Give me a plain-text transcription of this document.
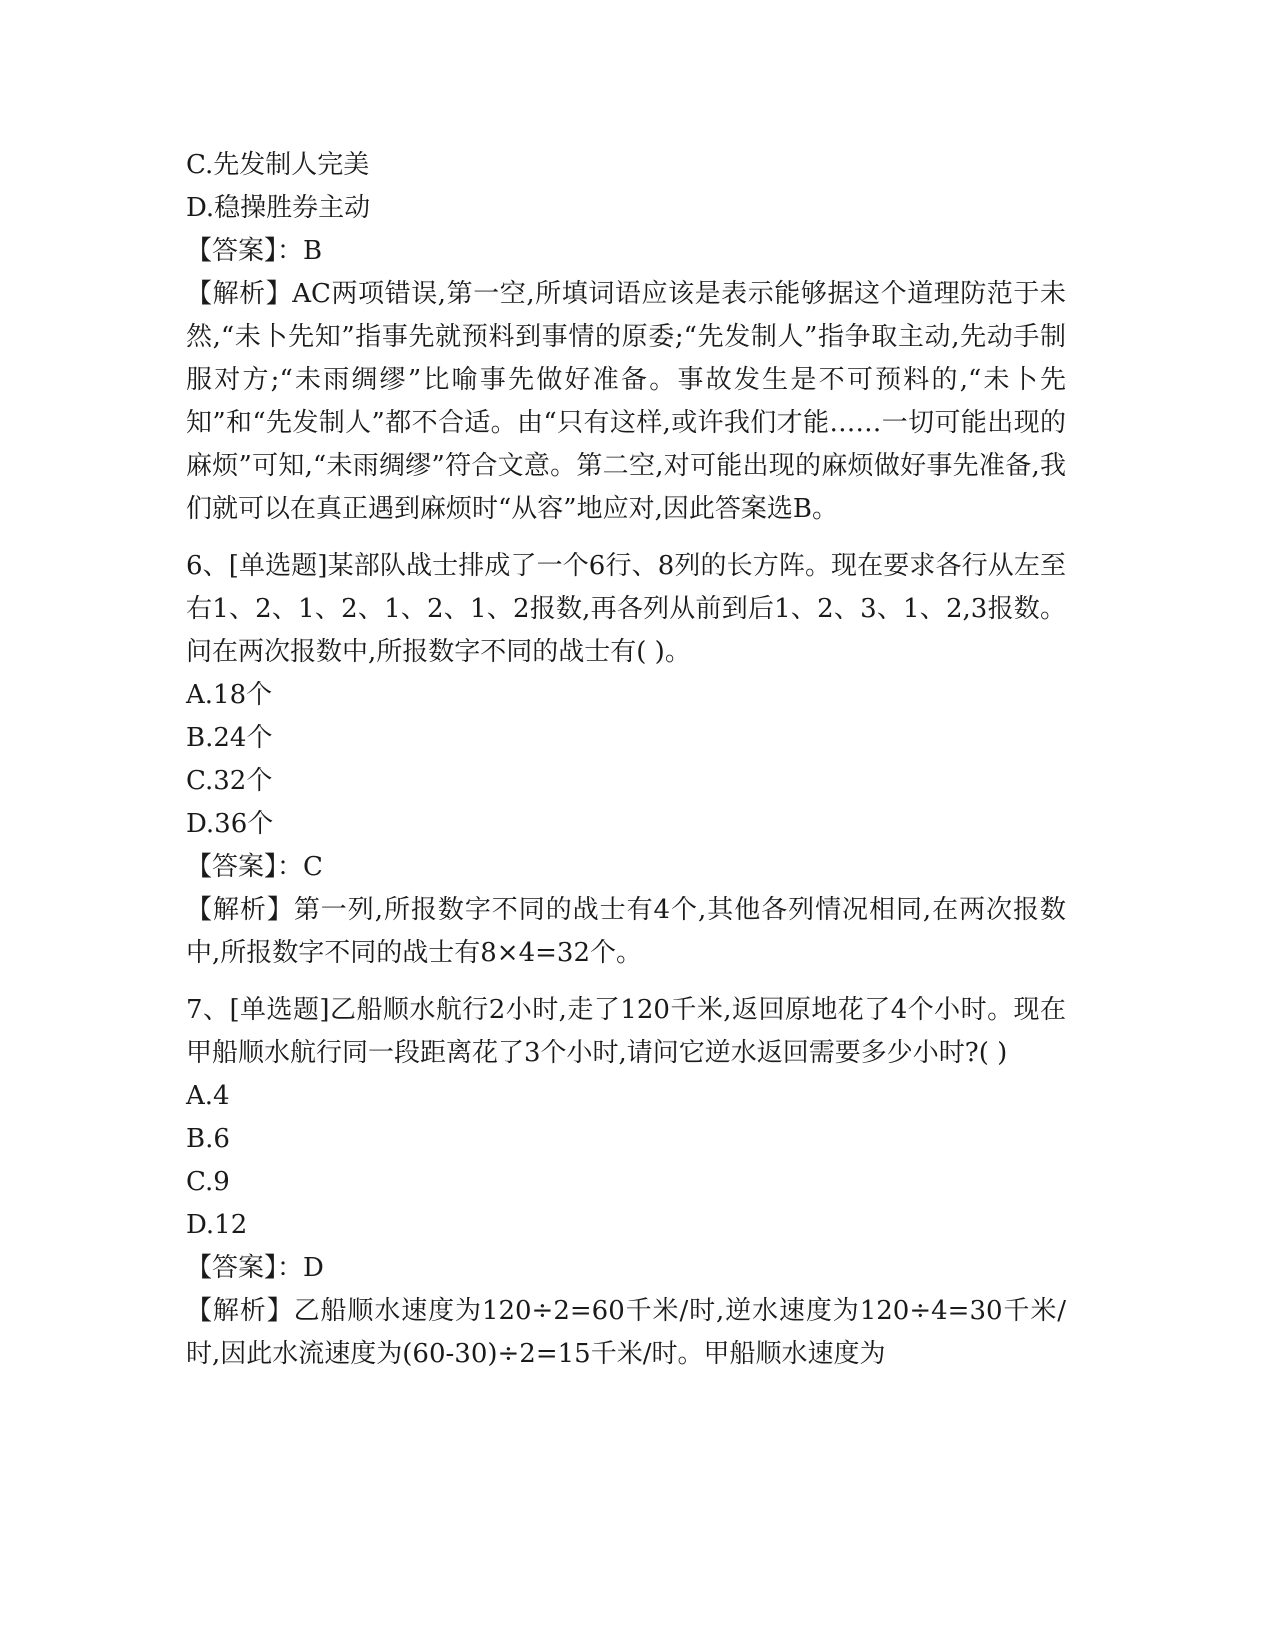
C.先发制人完美

D.稳操胜券主动

【答案】：B

【解析】AC两项错误,第一空,所填词语应该是表示能够据这个道理防范于未然,“未卜先知”指事先就预料到事情的原委;“先发制人”指争取主动,先动手制服对方;“未雨绸缪”比喻事先做好准备。事故发生是不可预料的,“未卜先知”和“先发制人”都不合适。由“只有这样,或许我们才能……一切可能出现的麻烦”可知,“未雨绸缪”符合文意。第二空,对可能出现的麻烦做好事先准备,我们就可以在真正遇到麻烦时“从容”地应对,因此答案选B。

6、[单选题]某部队战士排成了一个6行、8列的长方阵。现在要求各行从左至右1、2、1、2、1、2、1、2报数,再各列从前到后1、2、3、1、2,3报数。问在两次报数中,所报数字不同的战士有( )。

A.18个

B.24个

C.32个

D.36个

【答案】：C

【解析】第一列,所报数字不同的战士有4个,其他各列情况相同,在两次报数中,所报数字不同的战士有8×4=32个。

7、[单选题]乙船顺水航行2小时,走了120千米,返回原地花了4个小时。现在甲船顺水航行同一段距离花了3个小时,请问它逆水返回需要多少小时?( )

A.4

B.6

C.9

D.12

【答案】：D

【解析】乙船顺水速度为120÷2=60千米/时,逆水速度为120÷4=30千米/时,因此水流速度为(60-30)÷2=15千米/时。甲船顺水速度为
